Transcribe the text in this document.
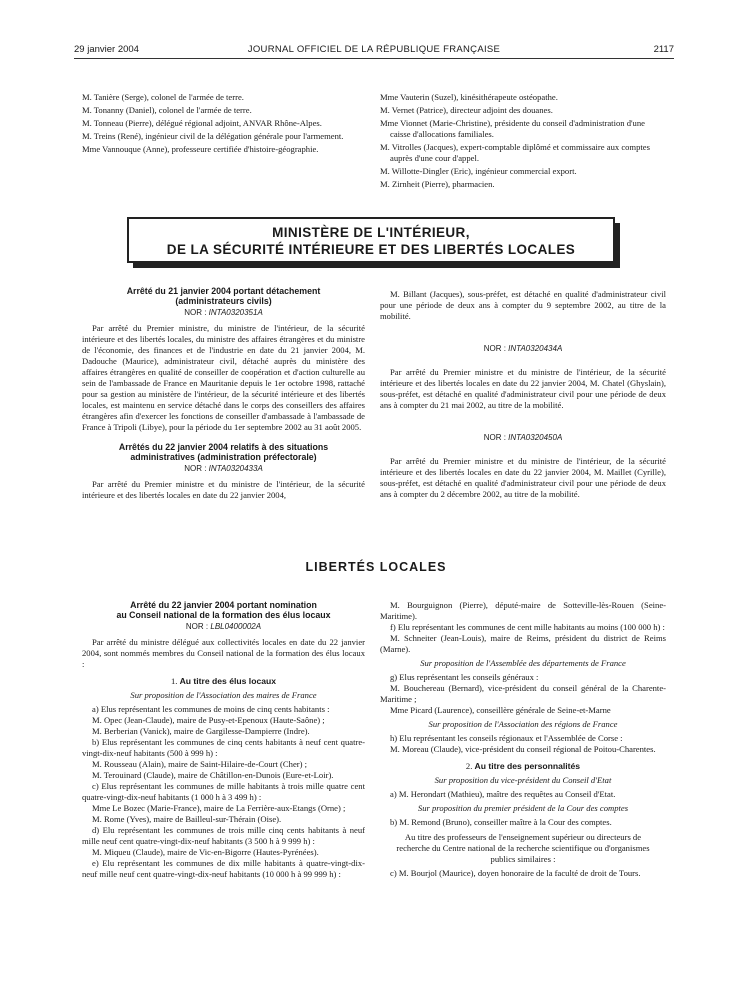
29 janvier 2004	JOURNAL OFFICIEL DE LA RÉPUBLIQUE FRANÇAISE	2117

M. Tanière (Serge), colonel de l'armée de terre.

M. Tonanny (Daniel), colonel de l'armée de terre.

M. Tonneau (Pierre), délégué régional adjoint, ANVAR Rhône-Alpes.

M. Treins (René), ingénieur civil de la délégation générale pour l'armement.

Mme Vannouque (Anne), professeure certifiée d'histoire-géographie.

Mme Vauterin (Suzel), kinésithérapeute ostéopathe.

M. Vernet (Patrice), directeur adjoint des douanes.

Mme Vionnet (Marie-Christine), présidente du conseil d'administration d'une caisse d'allocations familiales.

M. Vitrolles (Jacques), expert-comptable diplômé et commissaire aux comptes auprès d'une cour d'appel.

M. Willotte-Dingler (Eric), ingénieur commercial export.

M. Zirnheit (Pierre), pharmacien.

MINISTÈRE DE L'INTÉRIEUR,
DE LA SÉCURITÉ INTÉRIEURE ET DES LIBERTÉS LOCALES

Arrêté du 21 janvier 2004 portant détachement

(administrateurs civils)

NOR : INTA0320351A

Par arrêté du Premier ministre, du ministre de l'intérieur, de la sécurité intérieure et des libertés locales, du ministre des affaires étrangères et du ministre de l'économie, des finances et de l'industrie en date du 21 janvier 2004, M. Dadouche (Maurice), administrateur civil, détaché auprès du ministère des affaires étrangères en qualité de conseiller de coopération et d'action culturelle au sein de l'ambassade de France en Mauritanie depuis le 1er octobre 1998, rattaché pour sa gestion au ministère de l'intérieur, de la sécurité intérieure et des libertés locales, est maintenu en service détaché dans le corps des conseillers des affaires étrangères afin d'exercer les fonctions de conseiller d'ambassade à l'ambassade de France à Tripoli (Libye), pour la période du 1er septembre 2002 au 31 août 2005.

Arrêtés du 22 janvier 2004 relatifs à des situations

administratives (administration préfectorale)

NOR : INTA0320433A

Par arrêté du Premier ministre et du ministre de l'intérieur, de la sécurité intérieure et des libertés locales en date du 22 janvier 2004,

M. Billant (Jacques), sous-préfet, est détaché en qualité d'administrateur civil pour une période de deux ans à compter du 9 septembre 2002, au titre de la mobilité.

NOR : INTA0320434A

Par arrêté du Premier ministre et du ministre de l'intérieur, de la sécurité intérieure et des libertés locales en date du 22 janvier 2004, M. Chatel (Ghyslain), sous-préfet, est détaché en qualité d'administrateur civil pour une période de deux ans à compter du 21 mai 2002, au titre de la mobilité.

NOR : INTA0320450A

Par arrêté du Premier ministre et du ministre de l'intérieur, de la sécurité intérieure et des libertés locales en date du 22 janvier 2004, M. Maillet (Cyrille), sous-préfet, est détaché en qualité d'administrateur civil pour une période de deux ans à compter du 2 décembre 2002, au titre de la mobilité.

LIBERTÉS LOCALES

Arrêté du 22 janvier 2004 portant nomination

au Conseil national de la formation des élus locaux

NOR : LBL0400002A

Par arrêté du ministre délégué aux collectivités locales en date du 22 janvier 2004, sont nommés membres du Conseil national de la formation des élus locaux :

1. Au titre des élus locaux

Sur proposition de l'Association des maires de France

a) Elus représentant les communes de moins de cinq cents habitants :

M. Opec (Jean-Claude), maire de Pusy-et-Epenoux (Haute-Saône) ;

M. Berberian (Vanick), maire de Gargilesse-Dampierre (Indre).

b) Elus représentant les communes de cinq cents habitants à neuf cent quatre-vingt-dix-neuf habitants (500 à 999 h) :

M. Rousseau (Alain), maire de Saint-Hilaire-de-Court (Cher) ;

M. Terouinard (Claude), maire de Châtillon-en-Dunois (Eure-et-Loir).

c) Elus représentant les communes de mille habitants à trois mille quatre cent quatre-vingt-dix-neuf habitants (1 000 h à 3 499 h) :

Mme Le Bozec (Marie-France), maire de La Ferrière-aux-Etangs (Orne) ;

M. Rome (Yves), maire de Bailleul-sur-Thérain (Oise).

d) Elu représentant les communes de trois mille cinq cents habitants à neuf mille neuf cent quatre-vingt-dix-neuf habitants (3 500 h à 9 999 h) :

M. Miqueu (Claude), maire de Vic-en-Bigorre (Hautes-Pyrénées).

e) Elu représentant les communes de dix mille habitants à quatre-vingt-dix-neuf mille neuf cent quatre-vingt-dix-neuf habitants (10 000 h à 99 999 h) :

M. Bourguignon (Pierre), député-maire de Sotteville-lès-Rouen (Seine-Maritime).

f) Elu représentant les communes de cent mille habitants au moins (100 000 h) :

M. Schneiter (Jean-Louis), maire de Reims, président du district de Reims (Marne).

Sur proposition de l'Assemblée des départements de France

g) Elus représentant les conseils généraux :

M. Bouchereau (Bernard), vice-président du conseil général de la Charente-Maritime ;

Mme Picard (Laurence), conseillère générale de Seine-et-Marne

Sur proposition de l'Association des régions de France

h) Elu représentant les conseils régionaux et l'Assemblée de Corse :

M. Moreau (Claude), vice-président du conseil régional de Poitou-Charentes.

2. Au titre des personnalités

Sur proposition du vice-président du Conseil d'Etat

a) M. Herondart (Mathieu), maître des requêtes au Conseil d'Etat.

Sur proposition du premier président de la Cour des comptes

b) M. Remond (Bruno), conseiller maître à la Cour des comptes.

Au titre des professeurs de l'enseignement supérieur ou directeurs de recherche du Centre national de la recherche scientifique ou d'organismes publics similaires :

c) M. Bourjol (Maurice), doyen honoraire de la faculté de droit de Tours.
